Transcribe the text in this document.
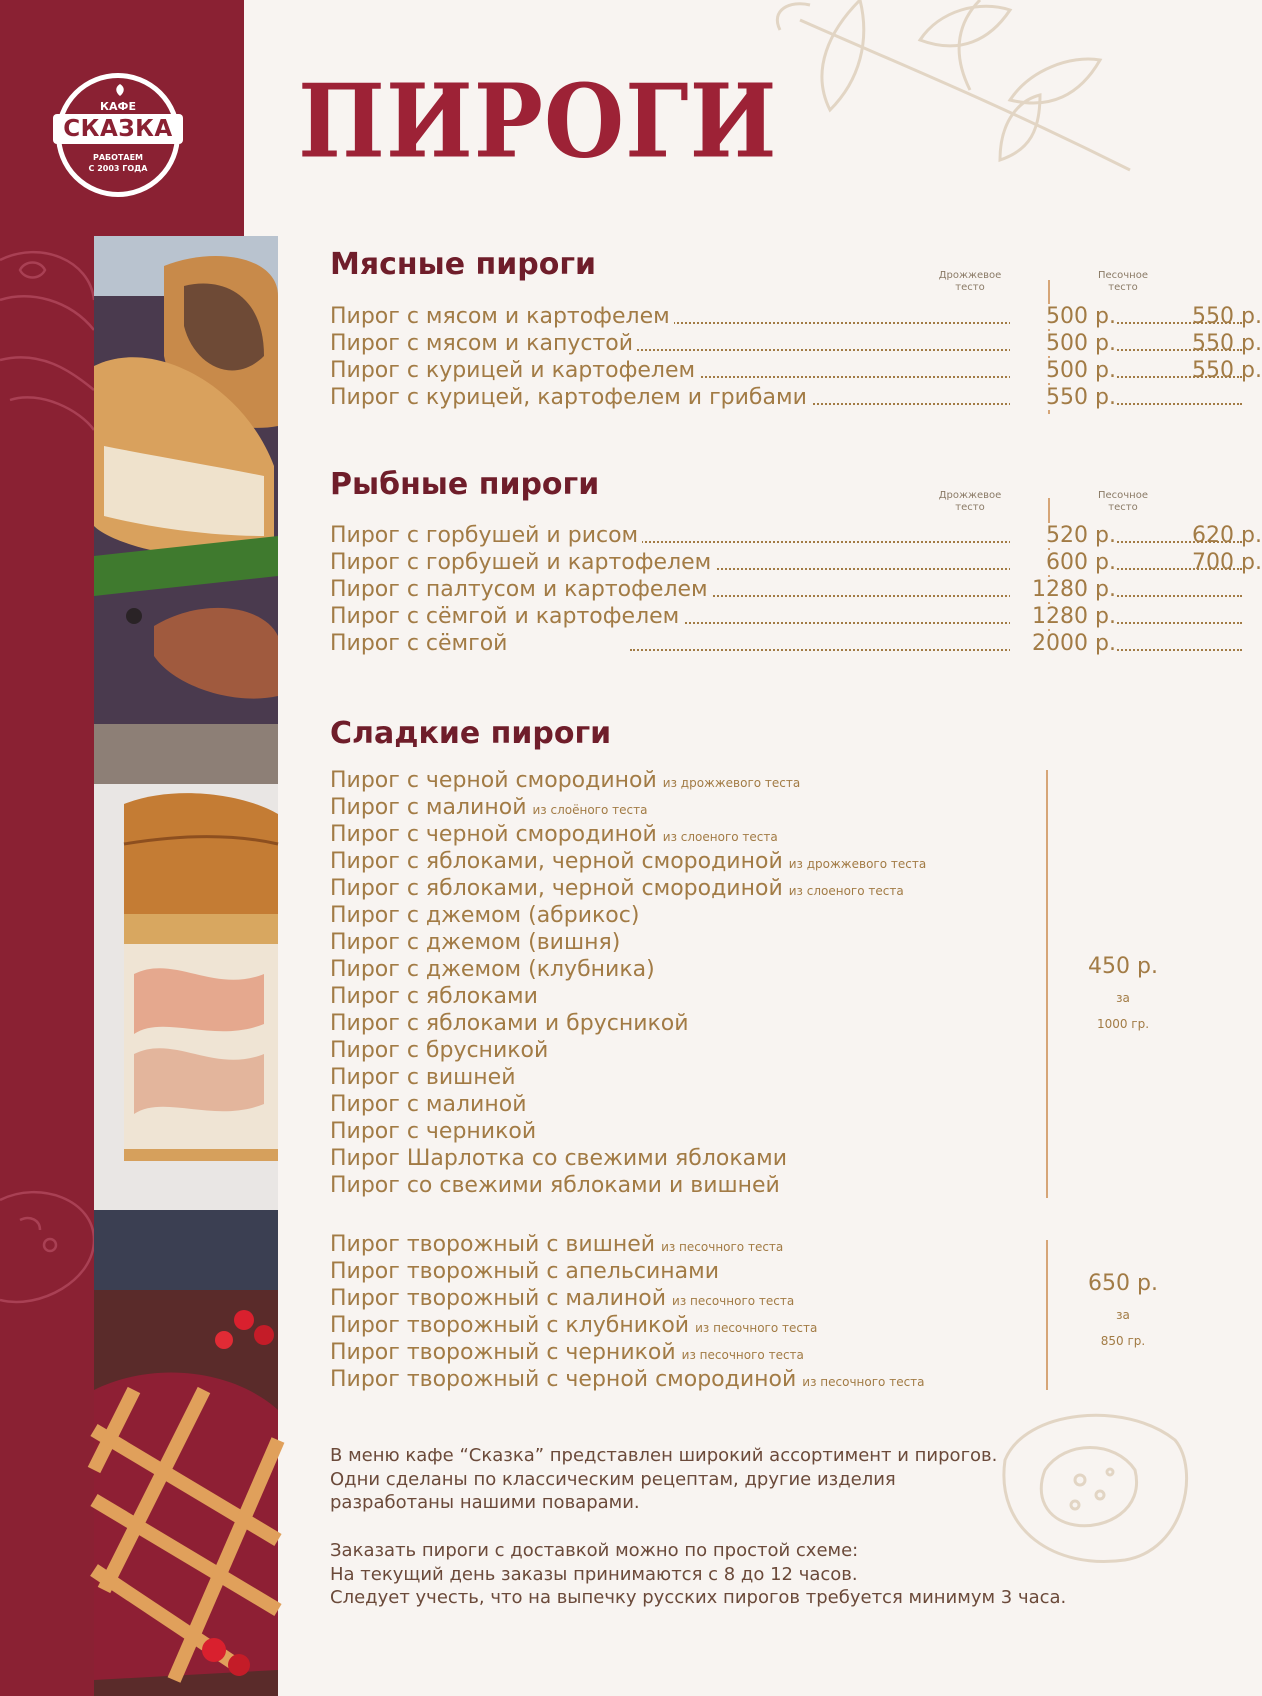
КАФЕ
СКАЗКА
РАБОТАЕМ
С 2003 ГОДА ПИРОГИ
Мясные пироги	Дрожжевое
тесто
Песочное
тесто
Пирог с мясом и картофелем	500 р.	550 р.
Пирог с мясом и капустой	500 р.	550 р.
Пирог с курицей и картофелем	500 р.	550 р.
Пирог с курицей, картофелем и грибами	550 р.
Рыбные пироги	Дрожжевое
тесто
Песочное
тесто
Пирог с горбушей и рисом	520 р.	620 р.
Пирог с горбушей и картофелем	600 р.	700 р.
Пирог с палтусом и картофелем	1280 р.
Пирог с сёмгой и картофелем	1280 р.
Пирог с сёмгой	2000 р.
Сладкие пироги
Пирог с черной смородиной из дрожжевого теста
Пирог с малиной из слоёного теста
Пирог с черной смородиной из слоеного теста
Пирог с яблоками, черной смородиной из дрожжевого теста
Пирог с яблоками, черной смородиной из слоеного теста
Пирог с джемом (абрикос)
Пирог с джемом (вишня)
Пирог с джемом (клубника)
Пирог с яблоками
Пирог с яблоками и брусникой
Пирог с брусникой
Пирог с вишней
Пирог с малиной
Пирог с черникой
Пирог Шарлотка со свежими яблоками
Пирог со свежими яблоками и вишней
450 р.
за
1000 гр.
Пирог творожный с вишней из песочного теста
Пирог творожный с апельсинами
Пирог творожный с малиной из песочного теста
Пирог творожный с клубникой из песочного теста
Пирог творожный с черникой из песочного теста
Пирог творожный с черной смородиной из песочного теста
650 р.
за
850 гр.
В меню кафе “Сказка” представлен широкий ассортимент и пирогов.
Одни сделаны по классическим рецептам, другие изделия
разработаны нашими поварами.
Заказать пироги с доставкой можно по простой схеме:
На текущий день заказы принимаются с 8 до 12 часов.
Следует учесть, что на выпечку русских пирогов требуется минимум 3 часа.
